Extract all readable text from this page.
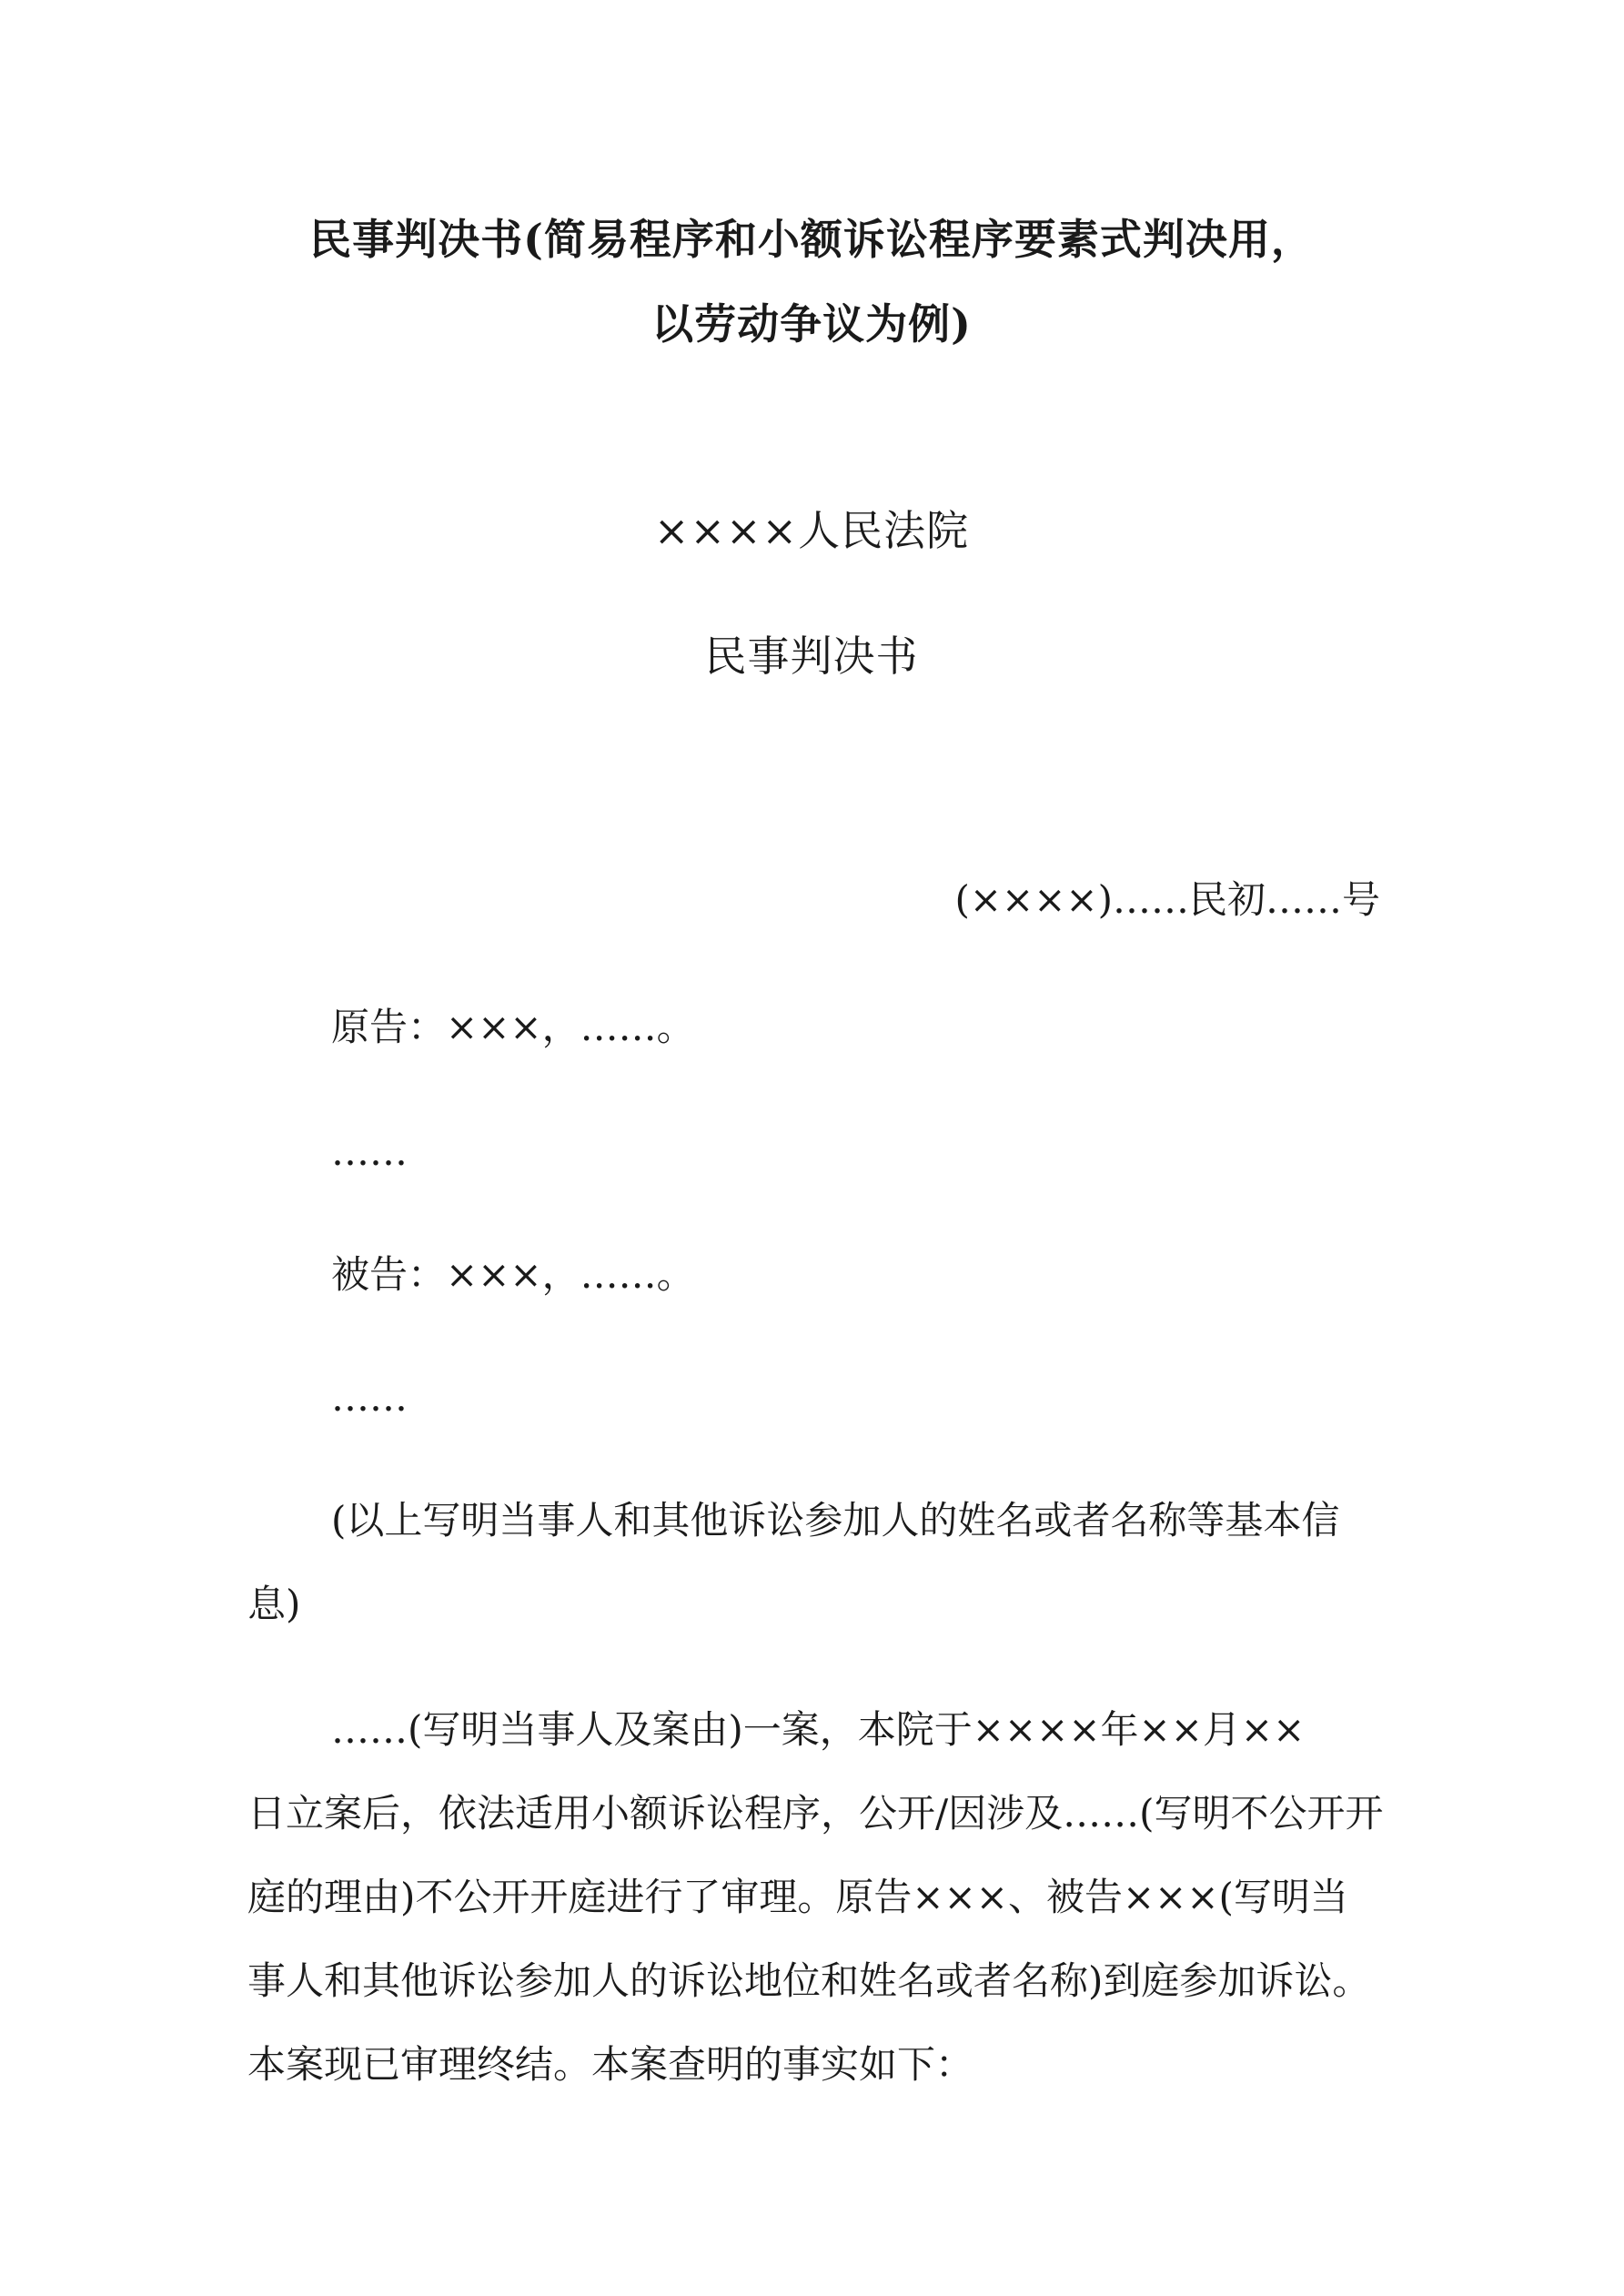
民事判决书(简易程序和小额诉讼程序要素式判决用，
以劳动争议为例)

××××人民法院

民事判决书

(××××)……民初……号

原告：×××，……。

……

被告：×××，……。

……

(以上写明当事人和其他诉讼参加人的姓名或者名称等基本信
息)
……(写明当事人及案由)一案，本院于××××年××月××
日立案后，依法适用小额诉讼程序，公开/因涉及……(写明不公开开
庭的理由)不公开开庭进行了审理。原告×××、被告×××(写明当
事人和其他诉讼参加人的诉讼地位和姓名或者名称)到庭参加诉讼。
本案现已审理终结。本案查明的事实如下：
